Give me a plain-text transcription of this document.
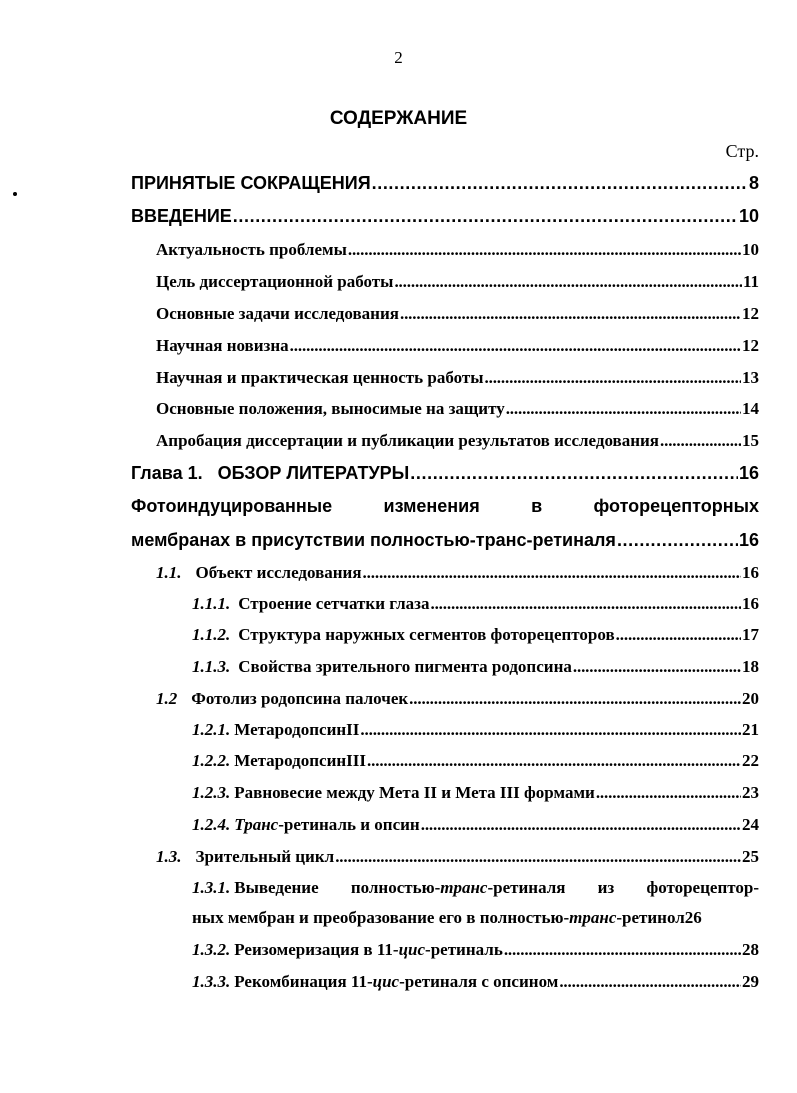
2
СОДЕРЖАНИЕ
Стр.
ПРИНЯТЫЕ СОКРАЩЕНИЯ . . .	8
ВВЕДЕНИЕ . . .	10
Актуальность проблемы . . .	10
Цель диссертационной работы . . .	11
Основные задачи исследования . . .	12
Научная новизна . . .	12
Научная и практическая ценность работы . . .	13
Основные положения, выносимые на защиту . . .	14
Апробация диссертации и публикации результатов исследования . . .	15
Глава 1.   ОБЗОР ЛИТЕРАТУРЫ . . .	16
Фотоиндуцированные	изменения	в	фоторецепторных
мембранах в присутствии полностью-транс-ретиналя . . .	16
1.1. Объект исследования . . .	16
1.1.1. Строение сетчатки глаза . . .	16
1.1.2. Структура наружных сегментов фоторецепторов . . .	17
1.1.3. Свойства зрительного пигмента родопсина . . .	18
1.2 Фотолиз родопсина палочек . . .	20
1.2.1. МетародопсинII . . .	21
1.2.2. МетародопсинIII . . .	22
1.2.3. Равновесие между Мета II и Мета III формами . . .	23
1.2.4. Транс-ретиналь и опсин . . .	24
1.3. Зрительный цикл . . .	25
1.3.1. Выведение полностью-транс-ретиналя из фоторецептор-
ных мембран и преобразование его в полностью-транс-ретинол 26
1.3.2. Реизомеризация в 11-цис-ретиналь . . .	28
1.3.3. Рекомбинация 11-цис-ретиналя с опсином . . .	29
